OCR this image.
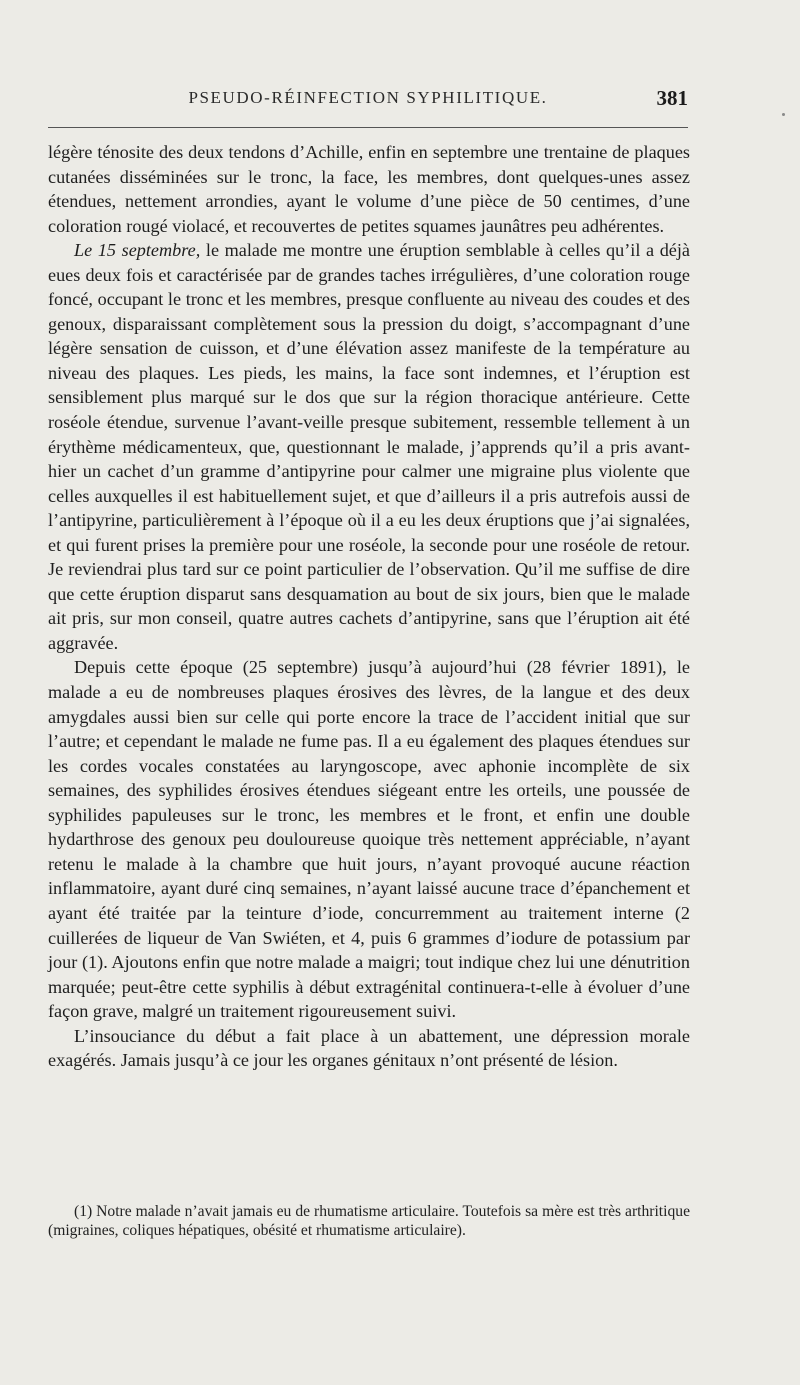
PSEUDO-RÉINFECTION SYPHILITIQUE.	381

légère ténosite des deux tendons d’Achille, enfin en septembre une trentaine de plaques cutanées disséminées sur le tronc, la face, les membres, dont quelques-unes assez étendues, nettement arrondies, ayant le volume d’une pièce de 50 centimes, d’une coloration rougé violacé, et recouvertes de petites squames jaunâtres peu adhérentes.

Le 15 septembre, le malade me montre une éruption semblable à celles qu’il a déjà eues deux fois et caractérisée par de grandes taches irrégulières, d’une coloration rouge foncé, occupant le tronc et les membres, presque confluente au niveau des coudes et des genoux, disparaissant complètement sous la pression du doigt, s’accompagnant d’une légère sensation de cuisson, et d’une élévation assez manifeste de la température au niveau des plaques. Les pieds, les mains, la face sont indemnes, et l’éruption est sensiblement plus marqué sur le dos que sur la région thoracique antérieure. Cette roséole étendue, survenue l’avant-veille presque subitement, ressemble tellement à un érythème médicamenteux, que, questionnant le malade, j’apprends qu’il a pris avant-hier un cachet d’un gramme d’antipyrine pour calmer une migraine plus violente que celles auxquelles il est habituellement sujet, et que d’ailleurs il a pris autrefois aussi de l’antipyrine, particulièrement à l’époque où il a eu les deux éruptions que j’ai signalées, et qui furent prises la première pour une roséole, la seconde pour une roséole de retour. Je reviendrai plus tard sur ce point particulier de l’observation. Qu’il me suffise de dire que cette éruption disparut sans desquamation au bout de six jours, bien que le malade ait pris, sur mon conseil, quatre autres cachets d’antipyrine, sans que l’éruption ait été aggravée.

Depuis cette époque (25 septembre) jusqu’à aujourd’hui (28 février 1891), le malade a eu de nombreuses plaques érosives des lèvres, de la langue et des deux amygdales aussi bien sur celle qui porte encore la trace de l’accident initial que sur l’autre; et cependant le malade ne fume pas. Il a eu également des plaques étendues sur les cordes vocales constatées au laryngoscope, avec aphonie incomplète de six semaines, des syphilides érosives étendues siégeant entre les orteils, une poussée de syphilides papuleuses sur le tronc, les membres et le front, et enfin une double hydarthrose des genoux peu douloureuse quoique très nettement appréciable, n’ayant retenu le malade à la chambre que huit jours, n’ayant provoqué aucune réaction inflammatoire, ayant duré cinq semaines, n’ayant laissé aucune trace d’épanchement et ayant été traitée par la teinture d’iode, concurremment au traitement interne (2 cuillerées de liqueur de Van Swiéten, et 4, puis 6 grammes d’iodure de potassium par jour (1). Ajoutons enfin que notre malade a maigri; tout indique chez lui une dénutrition marquée; peut-être cette syphilis à début extragénital continuera-t-elle à évoluer d’une façon grave, malgré un traitement rigoureusement suivi.

L’insouciance du début a fait place à un abattement, une dépression morale exagérés. Jamais jusqu’à ce jour les organes génitaux n’ont présenté de lésion.

(1) Notre malade n’avait jamais eu de rhumatisme articulaire. Toutefois sa mère est très arthritique (migraines, coliques hépatiques, obésité et rhumatisme articulaire).
